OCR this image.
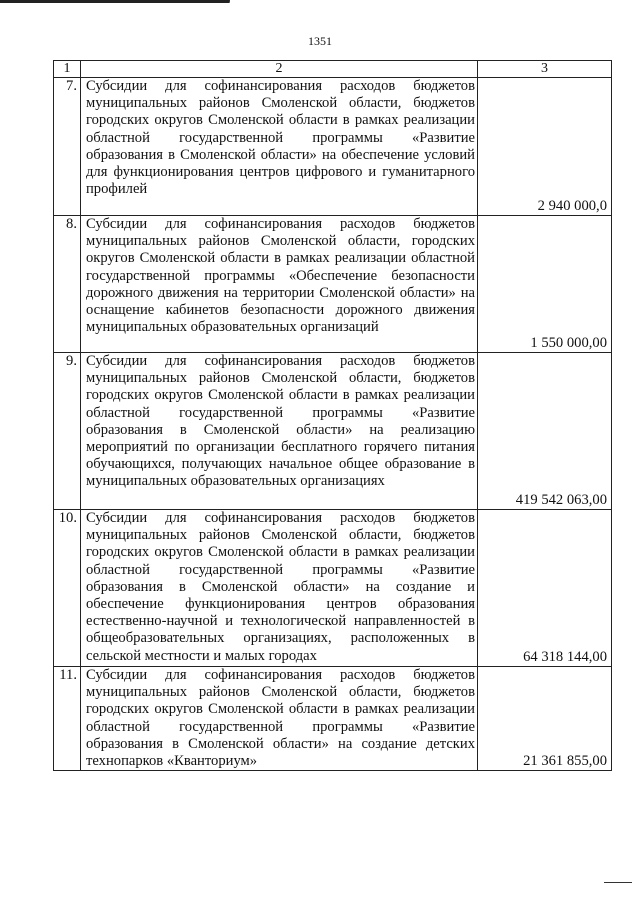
1351
1	2	3
7.	Субсидии для софинансирования расходов бюджетов муниципальных районов Смоленской области, бюджетов городских округов Смоленской области в рамках реализации областной государственной программы «Развитие образования в Смоленской области» на обеспечение условий для функционирования центров цифрового и гуманитарного профилей	2 940 000,0
8.	Субсидии для софинансирования расходов бюджетов муниципальных районов Смоленской области, городских округов Смоленской области в рамках реализации областной государственной программы «Обеспечение безопасности дорожного движения на территории Смоленской области» на оснащение кабинетов безопасности дорожного движения муниципальных образовательных организаций	1 550 000,00
9.	Субсидии для софинансирования расходов бюджетов муниципальных районов Смоленской области, бюджетов городских округов Смоленской области в рамках реализации областной государственной программы «Развитие образования в Смоленской области» на реализацию мероприятий по организации бесплатного горячего питания обучающихся, получающих начальное общее образование в муниципальных образовательных организациях	419 542 063,00
10.	Субсидии для софинансирования расходов бюджетов муниципальных районов Смоленской области, бюджетов городских округов Смоленской области в рамках реализации областной государственной программы «Развитие образования в Смоленской области» на создание и обеспечение функционирования центров образования естественно-научной и технологической направленностей в общеобразовательных организациях, расположенных в сельской местности и малых городах	64 318 144,00
11.	Субсидии для софинансирования расходов бюджетов муниципальных районов Смоленской области, бюджетов городских округов Смоленской области в рамках реализации областной государственной программы «Развитие образования в Смоленской области» на создание детских технопарков «Кванториум»	21 361 855,00
